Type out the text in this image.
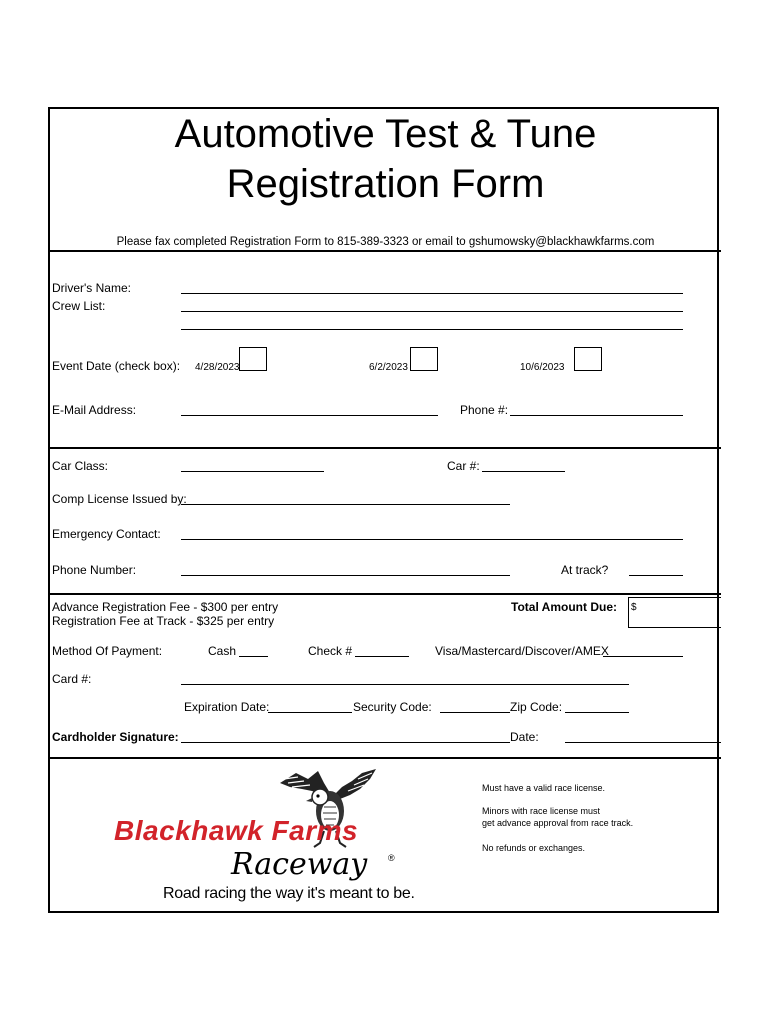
Automotive Test & Tune
Registration Form
Please fax completed Registration Form to 815-389-3323 or email to gshumowsky@blackhawkfarms.com
Driver's Name:
Crew List:
Event Date (check box): 4/28/2023	6/2/2023	10/6/2023
E-Mail Address:	Phone #:
Car Class:	Car #:
Comp License Issued by:
Emergency Contact:
Phone Number:	At track?
Advance Registration Fee - $300 per entry
Registration Fee at Track - $325 per entry
Total Amount Due: $
Method Of Payment:	Cash	Check #	Visa/Mastercard/Discover/AMEX
Card #:
Expiration Date:	Security Code:	Zip Code:
Cardholder Signature:	Date:
Blackhawk Farms
Raceway ®
Road racing the way it's meant to be.
Must have a valid race license.
Minors with race license must
get advance approval from race track.
No refunds or exchanges.
